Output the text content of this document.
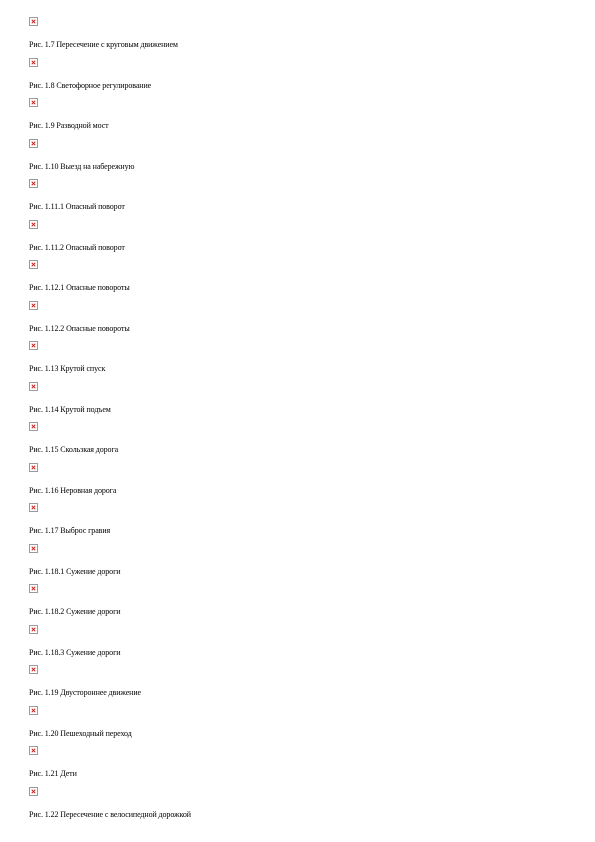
Рис. 1.7 Пересечение с круговым движением
Рис. 1.8 Светофорное регулирование
Рис. 1.9 Разводной мост
Рис. 1.10 Выезд на набережную
Рис. 1.11.1 Опасный поворот
Рис. 1.11.2 Опасный поворот
Рис. 1.12.1 Опасные повороты
Рис. 1.12.2 Опасные повороты
Рис. 1.13 Крутой спуск
Рис. 1.14 Крутой подъем
Рис. 1.15 Скользкая дорога
Рис. 1.16 Неровная дорога
Рис. 1.17 Выброс гравия
Рис. 1.18.1 Сужение дороги
Рис. 1.18.2 Сужение дороги
Рис. 1.18.3 Сужение дороги
Рис. 1.19 Двустороннее движение
Рис. 1.20 Пешеходный переход
Рис. 1.21 Дети
Рис. 1.22 Пересечение с велосипедной дорожкой
